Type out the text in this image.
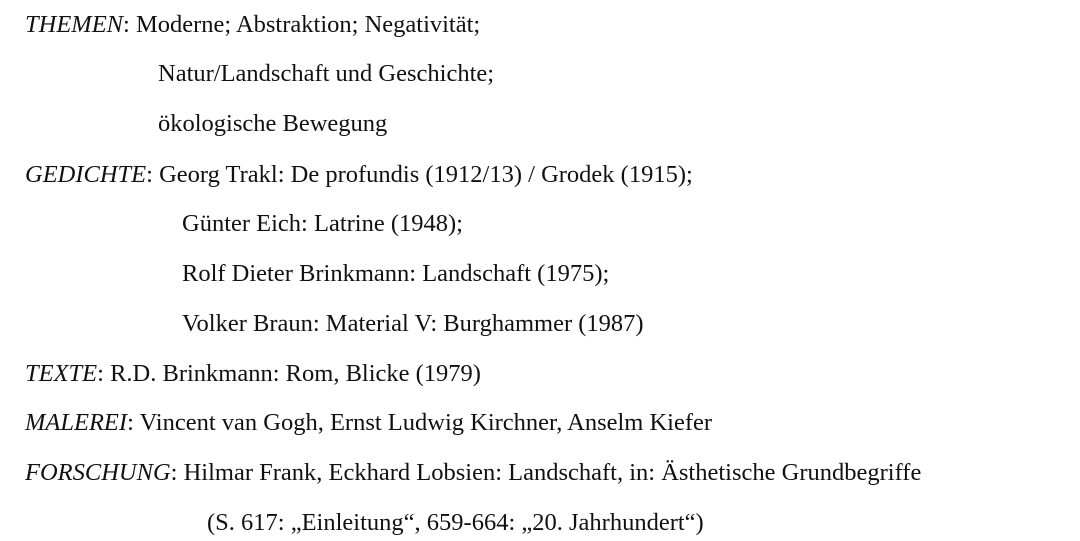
THEMEN: Moderne; Abstraktion; Negativität;
Natur/Landschaft und Geschichte;
ökologische Bewegung
GEDICHTE: Georg Trakl: De profundis (1912/13) / Grodek (1915);
Günter Eich: Latrine (1948);
Rolf Dieter Brinkmann: Landschaft (1975);
Volker Braun: Material V: Burghammer (1987)
TEXTE: R.D. Brinkmann: Rom, Blicke (1979)
MALEREI: Vincent van Gogh, Ernst Ludwig Kirchner, Anselm Kiefer
FORSCHUNG: Hilmar Frank, Eckhard Lobsien: Landschaft, in: Ästhetische Grundbegriffe
(S. 617: „Einleitung“, 659-664: „20. Jahrhundert“)
